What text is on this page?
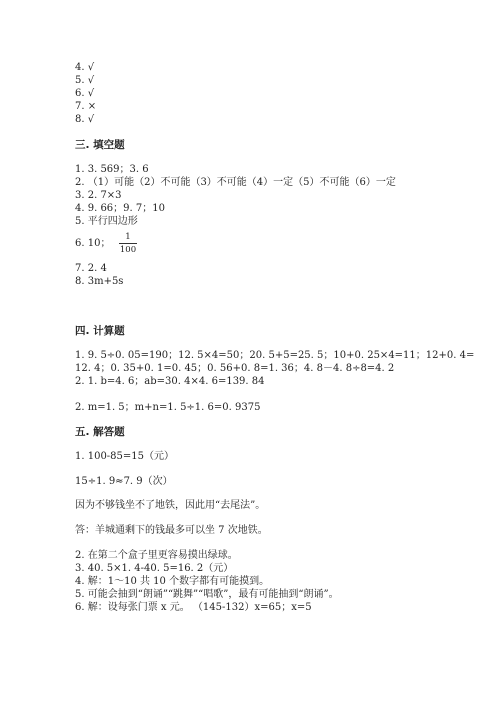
4. √
5. √
6. √
7. ×
8. √
三. 填空题
1. 3. 569；3. 6
2. （1）可能（2）不可能（3）不可能（4）一定（5）不可能（6）一定
3. 2. 7×3
4. 9. 66；9. 7；10
5. 平行四边形
6. 10；
1
100
7. 2. 4
8. 3m+5s
四. 计算题
1. 9. 5÷0. 05=190；12. 5×4=50；20. 5+5=25. 5；10+0. 25×4=11；12+0. 4=
12. 4；0. 35+0. 1=0. 45；0. 56+0. 8=1. 36；4. 8－4. 8÷8=4. 2
2. 1. b=4. 6；ab=30. 4×4. 6=139. 84
2. m=1. 5；m+n=1. 5÷1. 6=0. 9375
五. 解答题
1. 100-85=15（元）
15÷1. 9≈7. 9（次）
因为不够钱坐不了地铁，因此用“去尾法”。
答：羊城通剩下的钱最多可以坐 7 次地铁。
2. 在第二个盒子里更容易摸出绿球。
3. 40. 5×1. 4-40. 5=16. 2（元）
4. 解：1～10 共 10 个数字都有可能摸到。
5. 可能会抽到“朗诵”“跳舞”“唱歌”，最有可能抽到“朗诵”。
6. 解：设每张门票 x 元。 （145-132）x=65；x=5
